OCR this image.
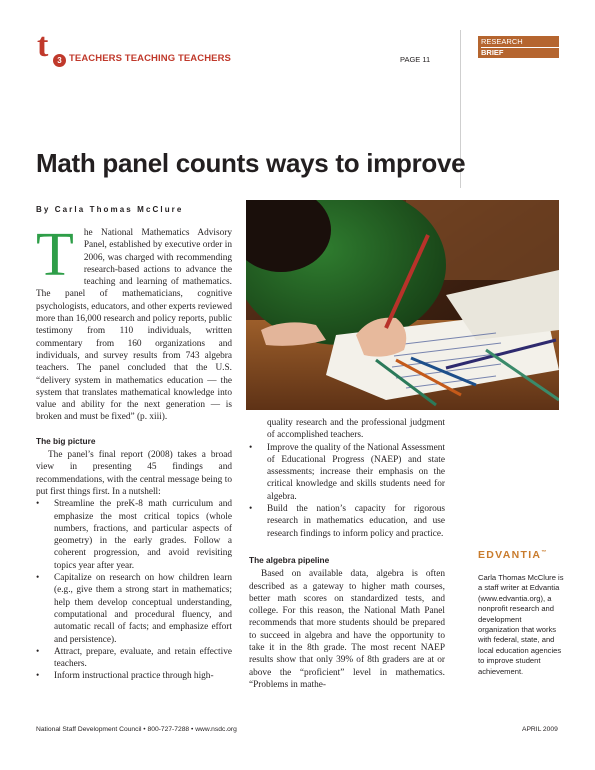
t	3 TEACHERS TEACHING TEACHERS	PAGE 11
RESEARCH
BRIEF
Math panel counts ways to improve
By Carla Thomas McClure
T	he National Mathematics Advisory Panel, established by executive order in 2006, was charged with recommending research-based actions to advance the teaching and learning of mathematics. The panel of mathematicians, cognitive psychologists, educators, and other experts reviewed more than 16,000 research and policy reports, public testimony from 110 individuals, written commentary from 160 organizations and individuals, and survey results from 743 algebra teachers. The panel concluded that the U.S. “delivery system in mathematics education — the system that translates mathematical knowledge into value and ability for the next generation — is broken and must be fixed” (p. xiii).

The big picture

The panel’s final report (2008) takes a broad view in presenting 45 findings and recommendations, with the central message being to put first things first. In a nutshell:

• Streamline the preK-8 math curriculum and emphasize the most critical topics (whole numbers, fractions, and particular aspects of geometry) in the early grades. Follow a coherent progression, and avoid revisiting topics year after year.
• Capitalize on research on how children learn (e.g., give them a strong start in mathematics; help them develop conceptual understanding, computational and procedural fluency, and automatic recall of facts; and emphasize effort and persistence).
• Attract, prepare, evaluate, and retain effective teachers.
• Inform instructional practice through high-

quality research and the professional judgment of accomplished teachers.

• Improve the quality of the National Assessment of Educational Progress (NAEP) and state assessments; increase their emphasis on the critical knowledge and skills students need for algebra.
• Build the nation’s capacity for rigorous research in mathematics education, and use research findings to inform policy and practice.
The algebra pipeline

Based on available data, algebra is often described as a gateway to higher math courses, better math scores on standardized tests, and college. For this reason, the National Math Panel recommends that more students should be prepared to succeed in algebra and have the opportunity to take it in the 8th grade. The most recent NAEP results show that only 39% of 8th graders are at or above the “proficient” level in mathematics. “Problems in mathe-

EDVANTIA™

Carla Thomas McClure is a staff writer at Edvantia (www.edvantia.org), a nonprofit research and development organization that works with federal, state, and local education agencies to improve student achievement.

National Staff Development Council • 800-727-7288 • www.nsdc.org	APRIL 2009
